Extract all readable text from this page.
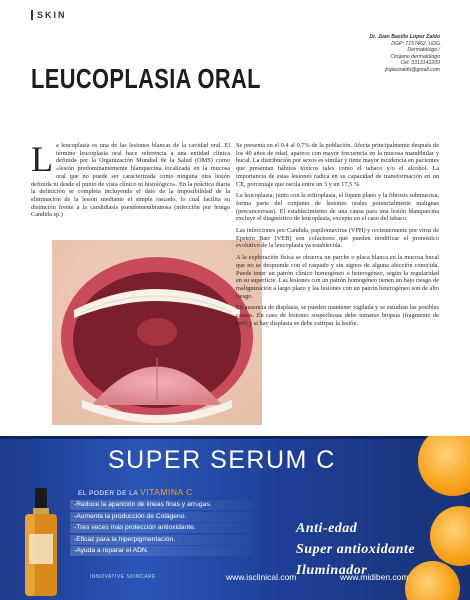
SKIN
Dr. Juan Basilio López Zaldo
DGP: 7157462, UDG
Dermatólogo /
Cirujano dermatólogo
Cel: 3313142209
jlopezzaldo@gmail.com
LEUCOPLASIA ORAL

La leucoplasia es una de las lesiones blancas de la cavidad oral. El término leucoplasia oral hace referencia a una entidad clínica definida por la Organización Mundial de la Salud (OMS) como «lesión predominantemente blanquecina localizada en la mucosa oral que no puede ser caracterizada como ninguna otra lesión definida ni desde el punto de vista clínico ni histológico». En la práctica diaria la definición se completa incluyendo el dato de la imposibilidad de la eliminación de la lesión mediante el simple rascado, lo cual facilita su distinción frente a la candidiasis pseudomembranosa (infección por hongo Candida sp.)

Se presenta en el 0.4 al 0.7% de la población. Afecta principalmente después de los 40 años de edad, aparece con mayor frecuencia en la mucosa mandibular y bucal. La distribución por sexos es similar y tiene mayor incidencia en pacientes que presentan hábitos tóxicos tales como el tabaco y/o el alcohol. La importancia de estas lesiones radica en su capacidad de transformación en un CE, porcentaje que oscila entre un 3 y un 17,5 %.

La leucoplasia, junto con la eritroplasia, el liquen plano y la fibrosis submucosa, forma parte del conjunto de lesiones orales potencialmente malignas (precancerosas). El establecimiento de una causa para una lesión blanquecina excluye el diagnóstico de leucoplasia, excepto en el caso del tabaco.

Las infecciones por Candida, papilomavirus (VPH) y recientemente por virus de Epstein Barr (VEB) son cofactores que pueden modificar el pronóstico evolutivo de la leucoplasia ya establecida.

A la exploración física se observa un parche o placa blanca en la mucosa bucal que no se desprende con el raspado y sin signos de alguna afección conocida. Puede tener un patrón clínico homogéneo o heterogéneo, según la regularidad en su superficie. Las lesiones con un patrón homogéneo tienen un bajo riesgo de malignización a largo plazo y las lesiones con un patrón heterogéneo son de alto riesgo.

En ausencia de displasia, se pueden mantener vigilada y se estudian las posibles causas. En caso de lesiones sospechosas debe tomarse biopsia (fragmento de piel) y si hay displasia se debe extirpar la lesión.

SUPER SERUM C
EL PODER DE LA VITAMINA C
-Reduce la aparición de lineas finas y arrugas.
-Aumenta la producción de Colágeno.
-Tres veces más protección antioxidante.
-Eficaz para la hiperpigmentación.
-Ayuda a reparar el ADN.
Anti-edad
Super antioxidante
Iluminador
INNOVATIVE SKINCARE	www.isclinical.com	www.midiben.com
